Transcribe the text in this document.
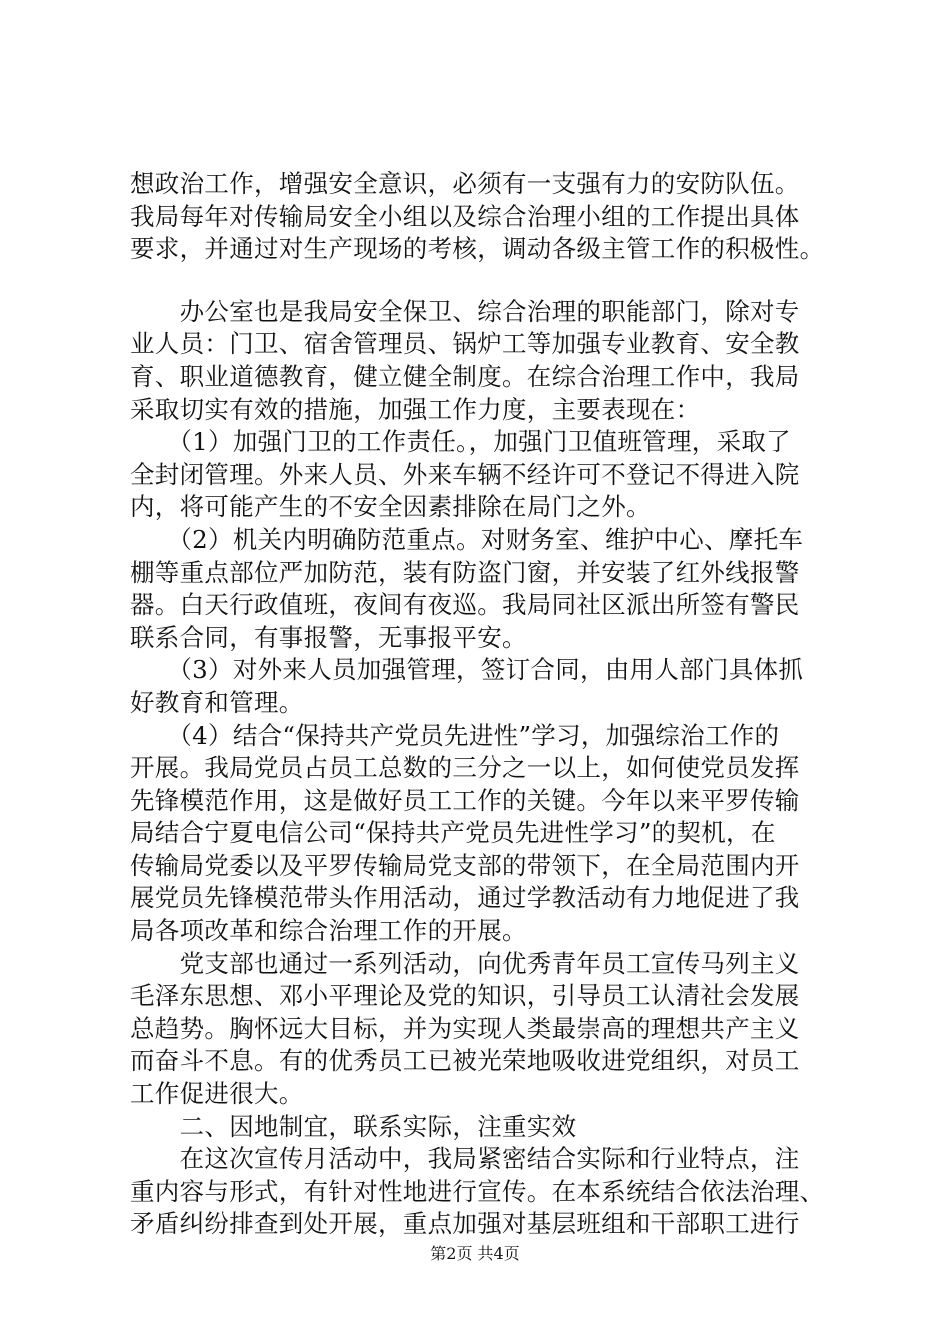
想政治工作，增强安全意识，必须有一支强有力的安防队伍。
我局每年对传输局安全小组以及综合治理小组的工作提出具体
要求，并通过对生产现场的考核，调动各级主管工作的积极性。
　　办公室也是我局安全保卫、综合治理的职能部门，除对专
业人员：门卫、宿舍管理员、锅炉工等加强专业教育、安全教
育、职业道德教育，健立健全制度。在综合治理工作中，我局
采取切实有效的措施，加强工作力度，主要表现在：
　　（1）加强门卫的工作责任。，加强门卫值班管理，采取了
全封闭管理。外来人员、外来车辆不经许可不登记不得进入院
内，将可能产生的不安全因素排除在局门之外。
　　（2）机关内明确防范重点。对财务室、维护中心、摩托车
棚等重点部位严加防范，装有防盗门窗，并安装了红外线报警
器。白天行政值班，夜间有夜巡。我局同社区派出所签有警民
联系合同，有事报警，无事报平安。
　　（3）对外来人员加强管理，签订合同，由用人部门具体抓
好教育和管理。
　　（4）结合“保持共产党员先进性”学习，加强综治工作的
开展。我局党员占员工总数的三分之一以上，如何使党员发挥
先锋模范作用，这是做好员工工作的关键。今年以来平罗传输
局结合宁夏电信公司“保持共产党员先进性学习”的契机，在
传输局党委以及平罗传输局党支部的带领下，在全局范围内开
展党员先锋模范带头作用活动，通过学教活动有力地促进了我
局各项改革和综合治理工作的开展。
　　党支部也通过一系列活动，向优秀青年员工宣传马列主义
毛泽东思想、邓小平理论及党的知识，引导员工认清社会发展
总趋势。胸怀远大目标，并为实现人类最崇高的理想共产主义
而奋斗不息。有的优秀员工已被光荣地吸收进党组织，对员工
工作促进很大。
　　二、因地制宜，联系实际，注重实效
　　在这次宣传月活动中，我局紧密结合实际和行业特点，注
重内容与形式，有针对性地进行宣传。在本系统结合依法治理、
矛盾纠纷排查到处开展，重点加强对基层班组和干部职工进行
第2页 共4页
